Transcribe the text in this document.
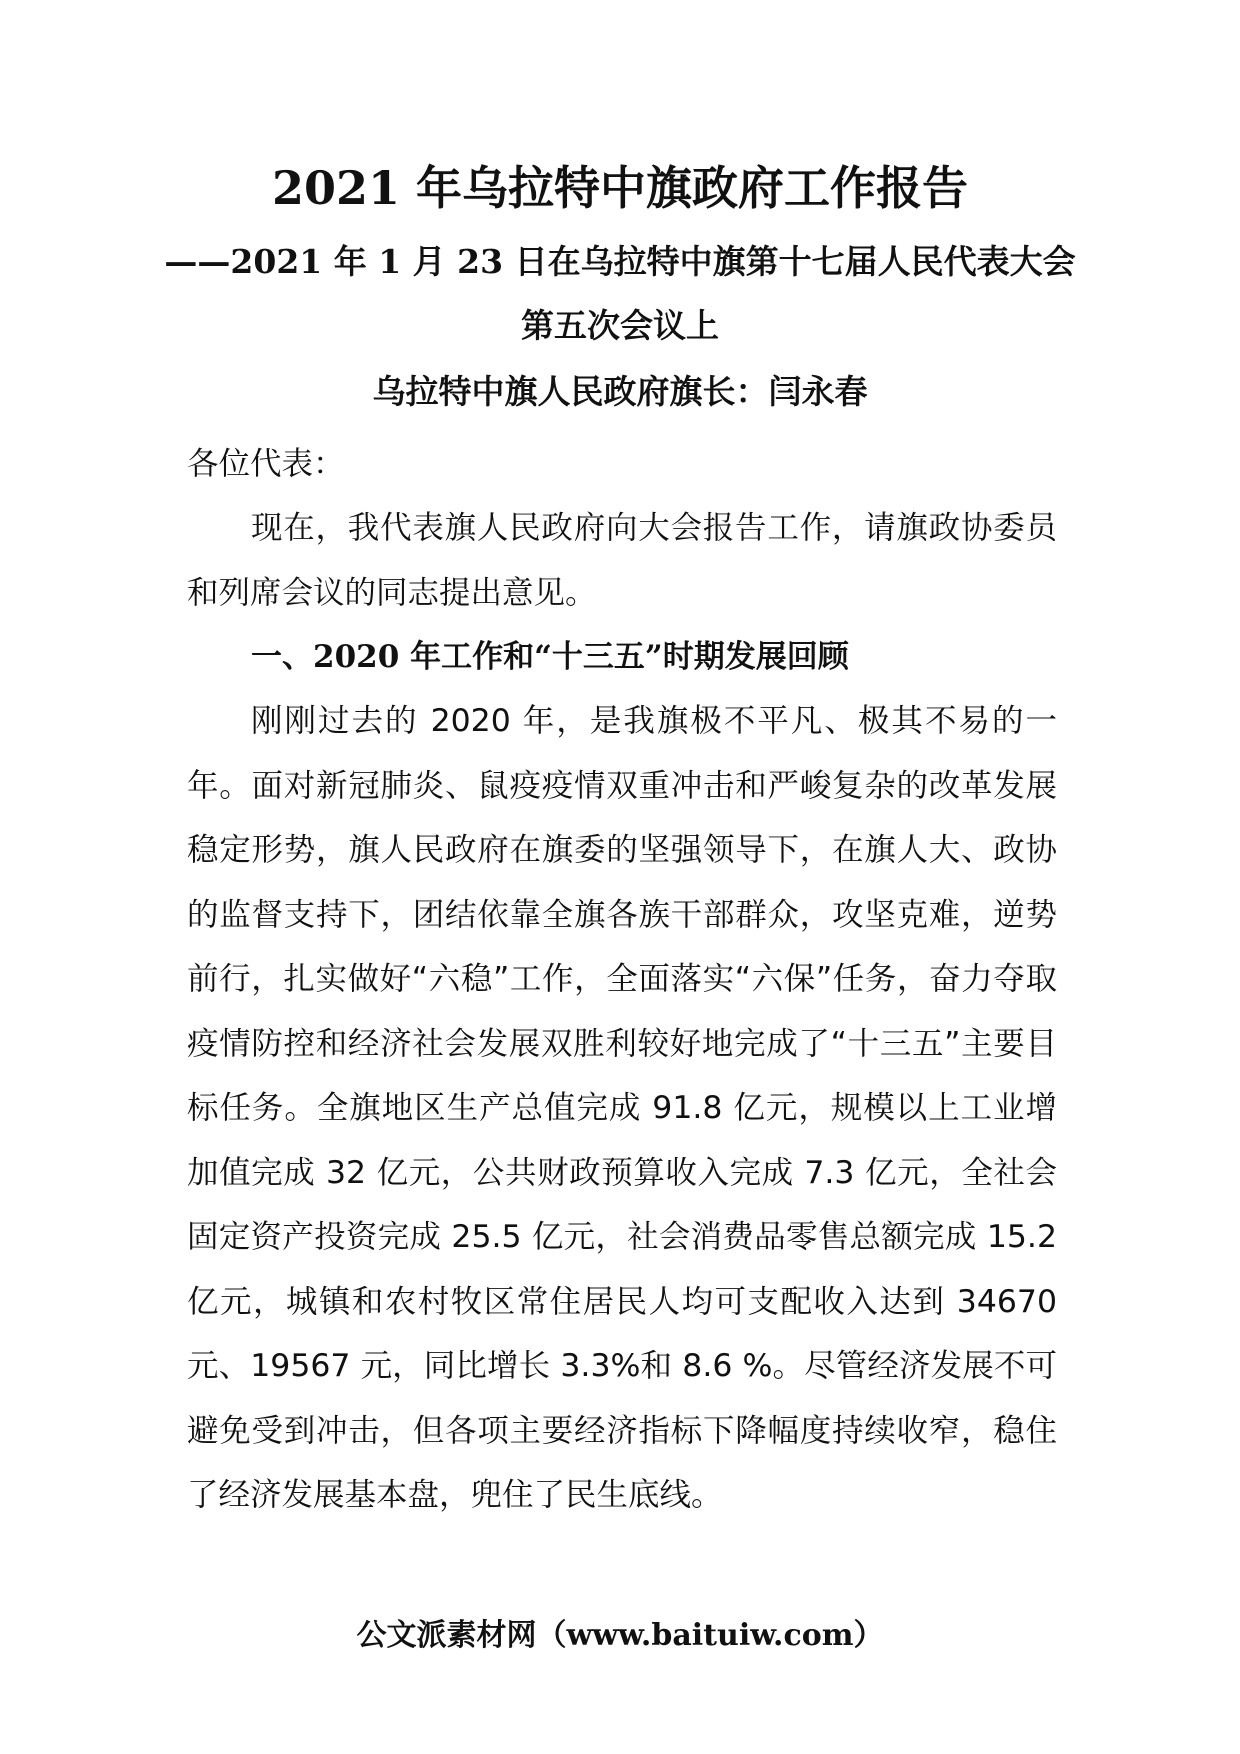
2021 年乌拉特中旗政府工作报告
——2021 年 1 月 23 日在乌拉特中旗第十七届人民代表大会
第五次会议上
乌拉特中旗人民政府旗长：闫永春
各位代表：
现在，我代表旗人民政府向大会报告工作，请旗政协委员和列席会议的同志提出意见。
一、2020 年工作和“十三五”时期发展回顾
刚刚过去的 2020 年，是我旗极不平凡、极其不易的一年。面对新冠肺炎、鼠疫疫情双重冲击和严峻复杂的改革发展稳定形势，旗人民政府在旗委的坚强领导下，在旗人大、政协的监督支持下，团结依靠全旗各族干部群众，攻坚克难，逆势前行，扎实做好“六稳”工作，全面落实“六保”任务，奋力夺取疫情防控和经济社会发展双胜利较好地完成了“十三五”主要目标任务。全旗地区生产总值完成 91.8 亿元，规模以上工业增加值完成 32 亿元，公共财政预算收入完成 7.3 亿元，全社会固定资产投资完成 25.5 亿元，社会消费品零售总额完成 15.2 亿元，城镇和农村牧区常住居民人均可支配收入达到 34670 元、19567 元，同比增长 3.3%和 8.6 %。尽管经济发展不可避免受到冲击，但各项主要经济指标下降幅度持续收窄，稳住了经济发展基本盘，兜住了民生底线。
公文派素材网（www.baituiw.com）
